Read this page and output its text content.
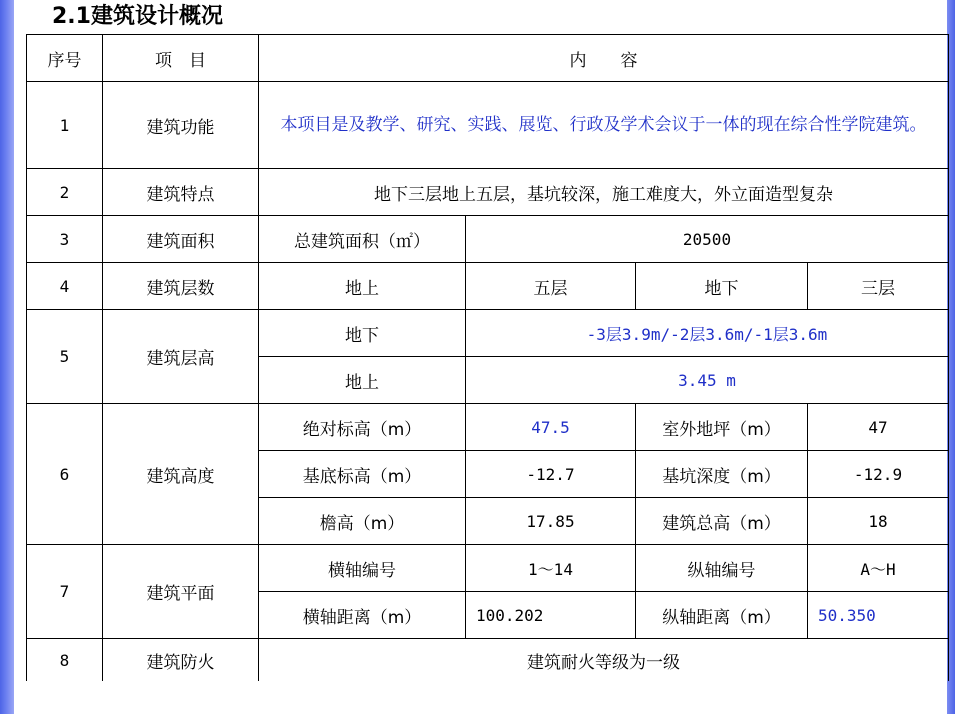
2.1建筑设计概况
序号	项　目	内　　容			
1	建筑功能	本项目是及教学、研究、实践、展览、行政及学术会议于一体的现在综合性学院建筑。			
2	建筑特点	地下三层地上五层，基坑较深，施工难度大，外立面造型复杂			
3	建筑面积	总建筑面积（㎡）	20500		
4	建筑层数	地上	五层	地下	三层
5	建筑层高	地下	-3层3.9m/-2层3.6m/-1层3.6m		
		地上	3.45 m		
6	建筑高度	绝对标高（m）	47.5	室外地坪（m）	47
		基底标高（m）	-12.7	基坑深度（m）	-12.9
		檐高（m）	17.85	建筑总高（m）	18
7	建筑平面	横轴编号	1～14	纵轴编号	A～H
		横轴距离（m）	100.202	纵轴距离（m）	50.350
8	建筑防火	建筑耐火等级为一级			
